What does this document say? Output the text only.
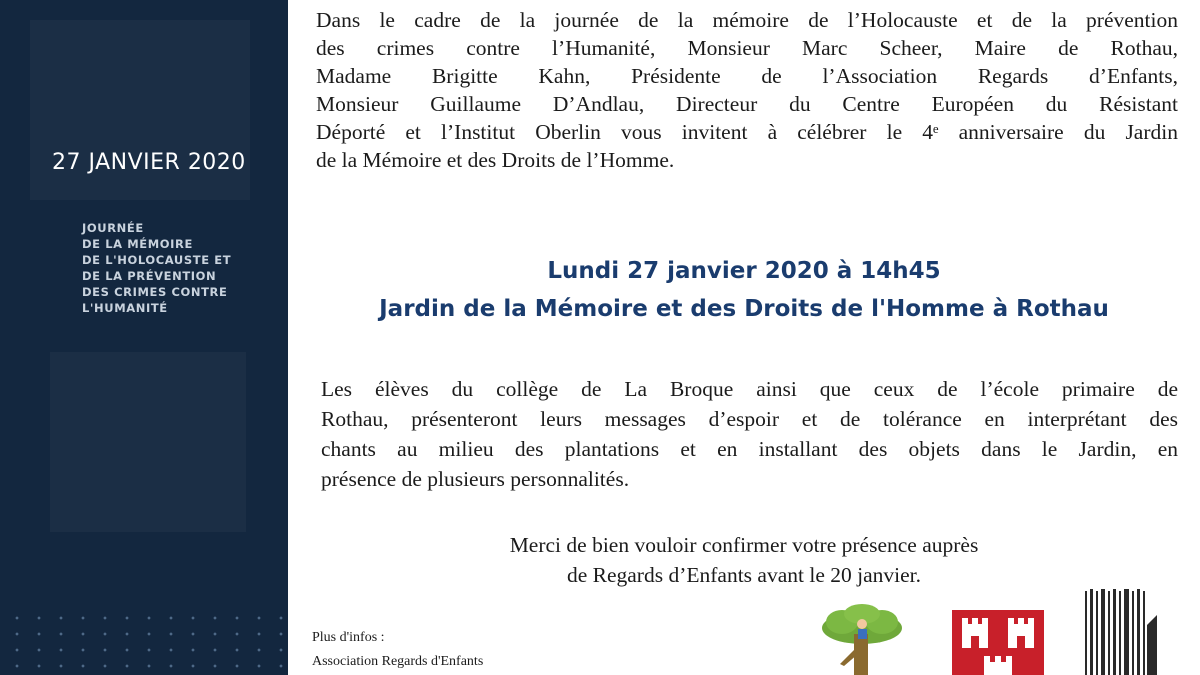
27 JANVIER 2020
JOURNÉE
DE LA MÉMOIRE
DE L'HOLOCAUSTE ET
DE LA PRÉVENTION
DES CRIMES CONTRE
L'HUMANITÉ
Dans le cadre de la journée de la mémoire de l’Holocauste et de la prévention
des crimes contre l’Humanité, Monsieur Marc Scheer, Maire de Rothau,
Madame Brigitte Kahn, Présidente de l’Association Regards d’Enfants,
Monsieur Guillaume D’Andlau, Directeur du Centre Européen du Résistant
Déporté et l’Institut Oberlin vous invitent à célébrer le 4ᵉ anniversaire du Jardin
de la Mémoire et des Droits de l’Homme.
Lundi 27 janvier 2020 à 14h45
Jardin de la Mémoire et des Droits de l'Homme à Rothau
Les élèves du collège de La Broque ainsi que ceux de l’école primaire de
Rothau, présenteront leurs messages d’espoir et de tolérance en interprétant des
chants au milieu des plantations et en installant des objets dans le Jardin, en
présence de plusieurs personnalités.
Merci de bien vouloir confirmer votre présence auprès
de Regards d’Enfants avant le 20 janvier.
Plus d'infos :
Association Regards d'Enfants
